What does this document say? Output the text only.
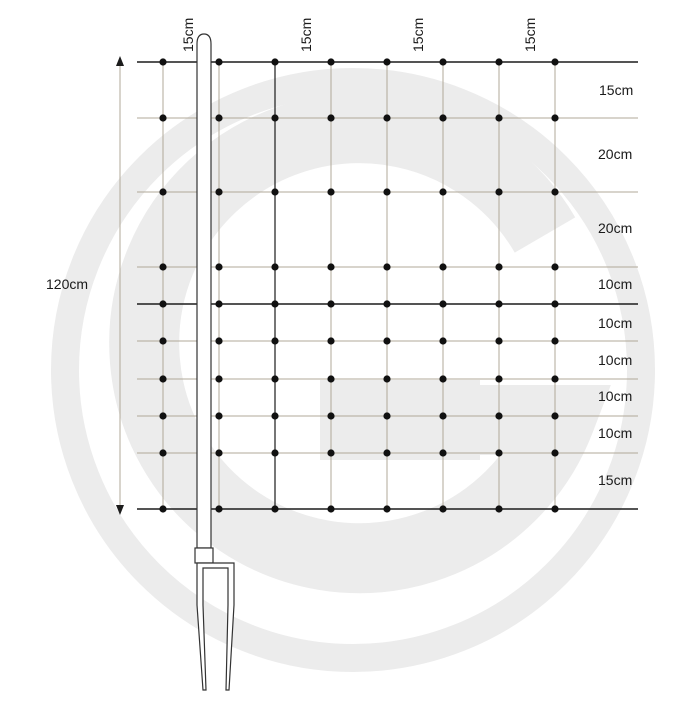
120cm
15cm	15cm	15cm	15cm
15cm
20cm
20cm
10cm
10cm
10cm
10cm
10cm
15cm
